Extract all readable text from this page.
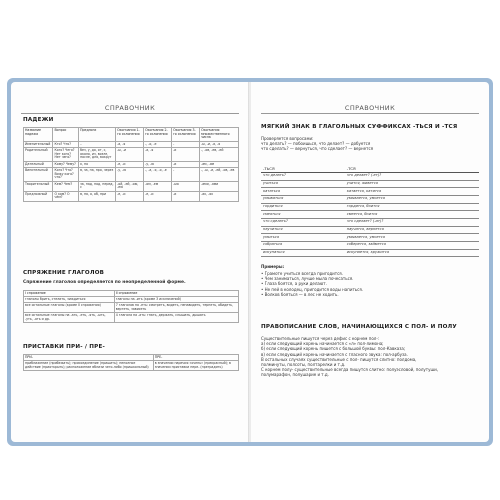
СПРАВОЧНИК
ПАДЕЖИ
Название падежа	Вопрос	Предлоги	Окончания 1-го склонения	Окончания 2-го склонения	Окончания 3-го склонения	Окончания множественного числа
Именительный	Кто? Что?	–	-а, -я	-, -о, -е	-	-ы, -и, -а, -я
Родительный	Кого? Чего? Нет кого? Нет чего?	без, у, до, от, с, около, из, возле, после, для, вокруг	-ы, -и	-а, -я	-и	-, -ов, -ев, -ей
Дательный	Кому? Чему?	к, по	-е, -и	-у, -ю	-и	-ам, -ям
Винительный	Кого? Что? Вижу кого? что?	в, за, на, про, через	-у, -ю	-, -а, -я, -о, -е	-	-, -ы, -и, -ей, -ов, -ев
Творительный	Кем? Чем?	за, над, под, перед, с	-ой, -ей, -ою, -ею	-ом, -ем	-ью	-ами, -ями
Предложный	О ком? О чём?	в, на, о, об, при	-е, -и	-е, -и	-и	-ах, -ях
СПРЯЖЕНИЕ ГЛАГОЛОВ
Спряжение глаголов определяется по неопределенной форме.
I спряжение	II спряжение
глаголы брить, стелить, зиждиться	глаголы на -ить (кроме 3 исключений)
все остальные глаголы (кроме II спряжения)	7 глаголов на -еть: смотреть, видеть, ненавидеть, терпеть, обидеть, вертеть, зависеть
все остальные глаголы на -ать, -еть, -ять, -ыть, -уть, -оть и др.	4 глагола на -ать: гнать, держать, слышать, дышать
ПРИСТАВКИ ПРИ- / ПРЕ-
ПРИ-	ПРЕ-
приближение (прибежать); присоединение (пришить); неполное действие (приоткрыть); расположение вблизи чего-либо (пришкольный)	в значении наречия «очень» (прекрасный); в значении приставки пере- (преградить)
СПРАВОЧНИК
МЯГКИЙ ЗНАК В ГЛАГОЛЬНЫХ СУФФИКСАХ -ТЬСЯ И -ТСЯ
Проверяется вопросами:
что делать? — побоишься, что делает? — добуется
что сделать? — вернуться, что сделает? — вернется
-ТЬСЯ	-ТСЯ
что делать?	что делает? (-ет)?
учиться	учится, живется
кататься	катается, катится
умываться	умывается, умоется
гордиться	гордится, боится
смеяться	смеется, боится
что сделать?	что сделает? (-ит)?
научиться	научится, вернется
умыться	умывается, умоется
собраться	соберется, займется
искупаться	искупается, кружится
Примеры:
• Грамоте учиться всегда пригодится.
• Чем заниматься, лучше мыла почесаться.
• Глаза боятся, а руки делают.
• Не пей в колодец, пригодится воды напиться.
• Волков бояться — в лес не ходить.
ПРАВОПИСАНИЕ СЛОВ, НАЧИНАЮЩИХСЯ С ПОЛ- И ПОЛУ
Существительные пишутся через дефис с корнем пол-:
а) если следующий корень начинается с «л» пол-лимона;
б) если следующий корень пишется с большой буквы: пол-Кавказа;
в) если следующий корень начинается с гласного звука: пол-арбуза.
В остальных случаях существительные с пол- пишутся слитно: полдома,
полминуты, полсоты, полтарелки и т.д.
С корнем полу- существительные всегда пишутся слитно: полуэсловой, полутуши,
полумарафон, полушарие и т.д.
